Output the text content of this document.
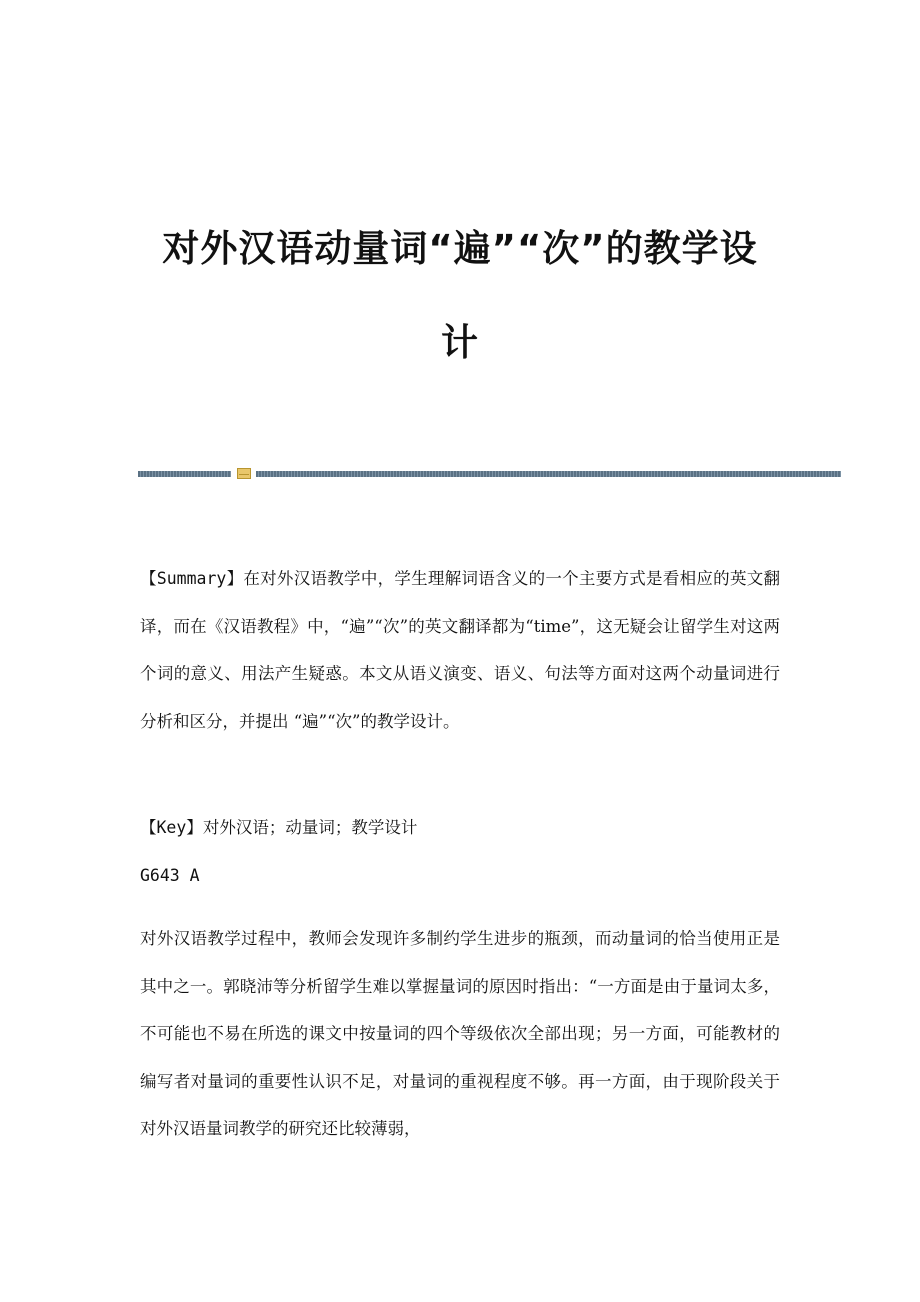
对外汉语动量词“遍”“次”的教学设
计

【Summary】在对外汉语教学中，学生理解词语含义的一个主要方式是看相应的英文翻译，而在《汉语教程》中，“遍”“次”的英文翻译都为“time”，这无疑会让留学生对这两个词的意义、用法产生疑惑。本文从语义演变、语义、句法等方面对这两个动量词进行分析和区分，并提出 “遍”“次”的教学设计。

【Key】对外汉语；动量词；教学设计

G643 A

对外汉语教学过程中，教师会发现许多制约学生进步的瓶颈，而动量词的恰当使用正是其中之一。郭晓沛等分析留学生难以掌握量词的原因时指出：“一方面是由于量词太多，不可能也不易在所选的课文中按量词的四个等级依次全部出现；另一方面，可能教材的编写者对量词的重要性认识不足，对量词的重视程度不够。再一方面，由于现阶段关于对外汉语量词教学的研究还比较薄弱，
